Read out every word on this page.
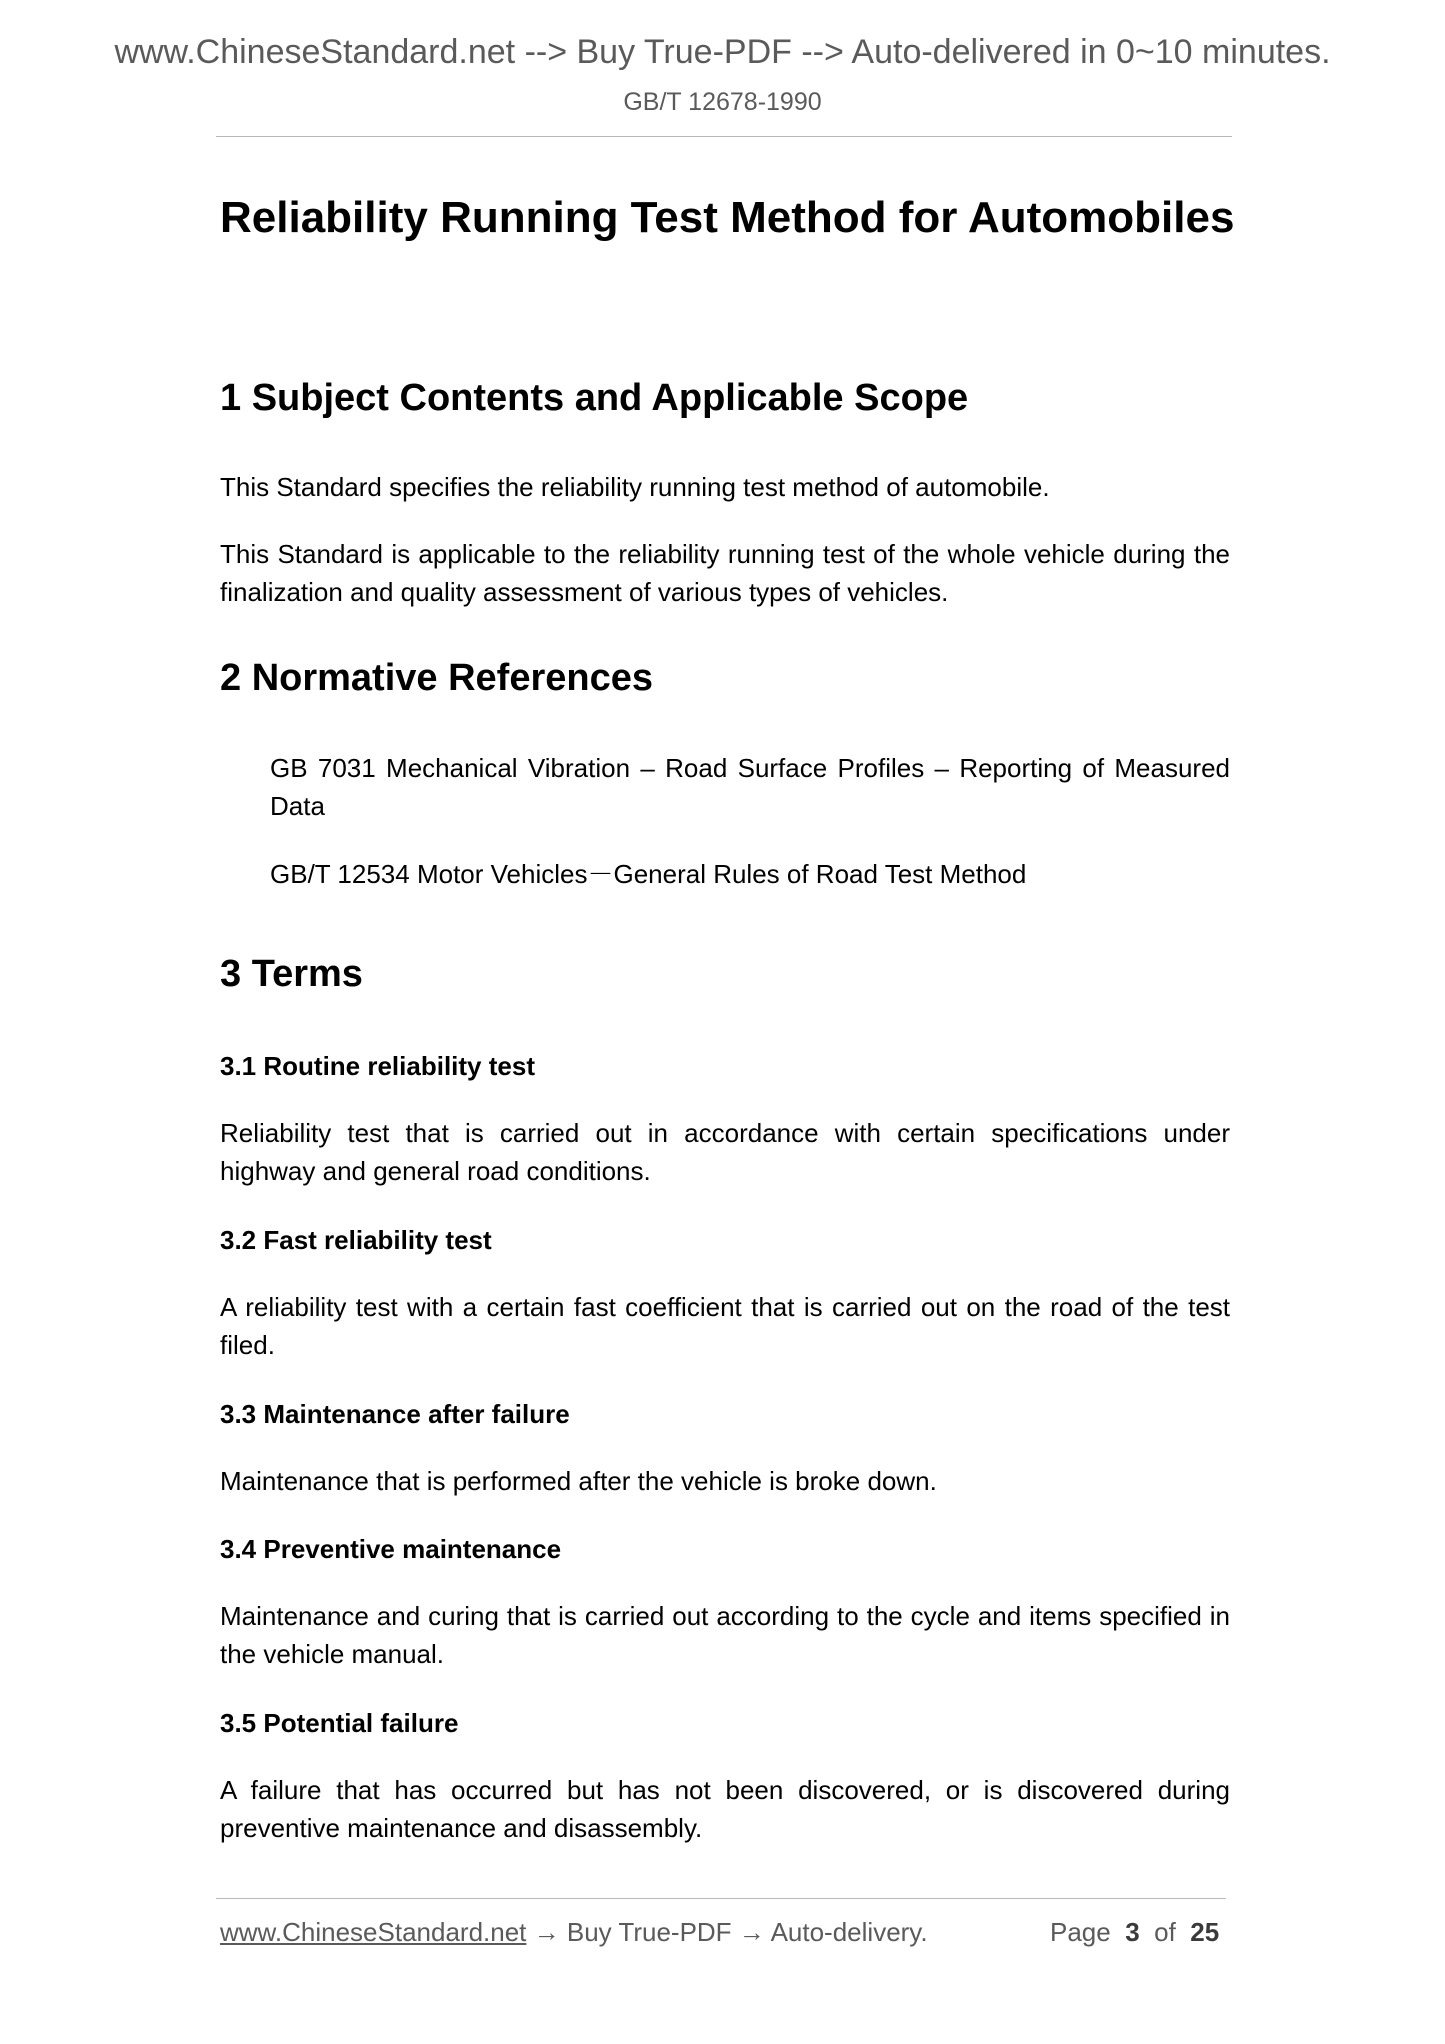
www.ChineseStandard.net --> Buy True-PDF --> Auto-delivered in 0~10 minutes.
GB/T 12678-1990
Reliability Running Test Method for Automobiles
1 Subject Contents and Applicable Scope
This Standard specifies the reliability running test method of automobile.
This Standard is applicable to the reliability running test of the whole vehicle during the finalization and quality assessment of various types of vehicles.
2 Normative References
GB 7031 Mechanical Vibration – Road Surface Profiles – Reporting of Measured Data
GB/T 12534 Motor Vehicles－General Rules of Road Test Method
3 Terms
3.1 Routine reliability test
Reliability test that is carried out in accordance with certain specifications under highway and general road conditions.
3.2 Fast reliability test
A reliability test with a certain fast coefficient that is carried out on the road of the test filed.
3.3 Maintenance after failure
Maintenance that is performed after the vehicle is broke down.
3.4 Preventive maintenance
Maintenance and curing that is carried out according to the cycle and items specified in the vehicle manual.
3.5 Potential failure
A failure that has occurred but has not been discovered, or is discovered during preventive maintenance and disassembly.
www.ChineseStandard.net → Buy True-PDF → Auto-delivery.	Page 3 of 25
